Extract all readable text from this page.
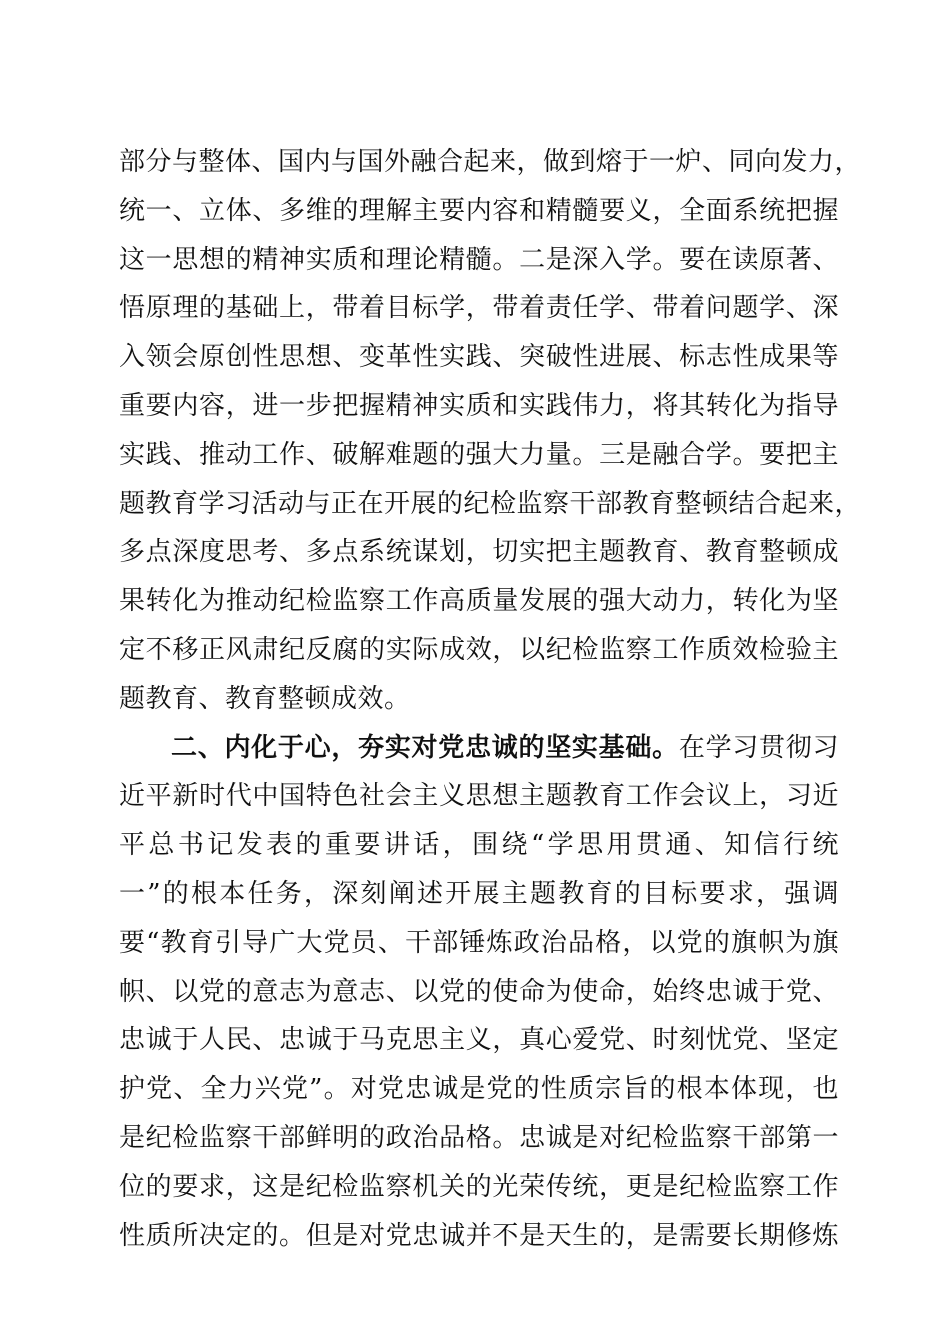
部分与整体、国内与国外融合起来，做到熔于一炉、同向发力，
统一、立体、多维的理解主要内容和精髓要义，全面系统把握
这一思想的精神实质和理论精髓。二是深入学。要在读原著、
悟原理的基础上，带着目标学，带着责任学、带着问题学、深
入领会原创性思想、变革性实践、突破性进展、标志性成果等
重要内容，进一步把握精神实质和实践伟力，将其转化为指导
实践、推动工作、破解难题的强大力量。三是融合学。要把主
题教育学习活动与正在开展的纪检监察干部教育整顿结合起来，
多点深度思考、多点系统谋划，切实把主题教育、教育整顿成
果转化为推动纪检监察工作高质量发展的强大动力，转化为坚
定不移正风肃纪反腐的实际成效，以纪检监察工作质效检验主
题教育、教育整顿成效。
二、内化于心，夯实对党忠诚的坚实基础。在学习贯彻习
近平新时代中国特色社会主义思想主题教育工作会议上，习近
平总书记发表的重要讲话，围绕“学思用贯通、知信行统
一”的根本任务，深刻阐述开展主题教育的目标要求，强调
要“教育引导广大党员、干部锤炼政治品格，以党的旗帜为旗
帜、以党的意志为意志、以党的使命为使命，始终忠诚于党、
忠诚于人民、忠诚于马克思主义，真心爱党、时刻忧党、坚定
护党、全力兴党”。对党忠诚是党的性质宗旨的根本体现，也
是纪检监察干部鲜明的政治品格。忠诚是对纪检监察干部第一
位的要求，这是纪检监察机关的光荣传统，更是纪检监察工作
性质所决定的。但是对党忠诚并不是天生的，是需要长期修炼
